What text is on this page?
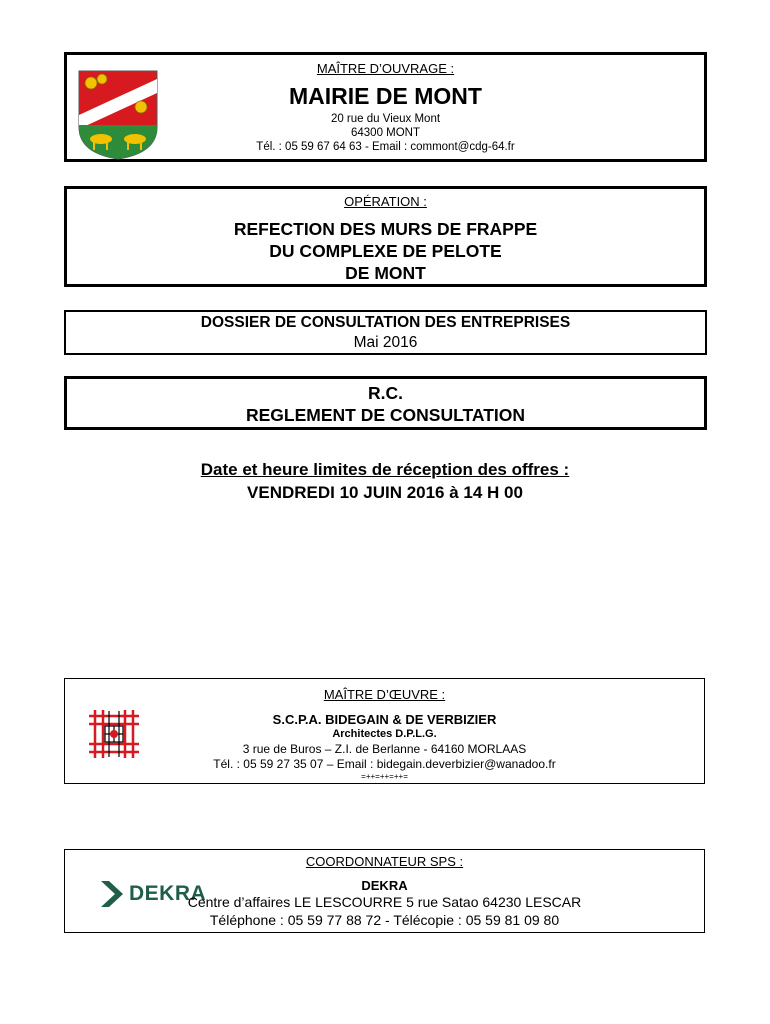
MAÎTRE D’OUVRAGE :
MAIRIE DE MONT
20 rue du Vieux Mont
64300 MONT
Tél. : 05 59 67 64 63 - Email : commont@cdg-64.fr
OPÉRATION :
REFECTION DES MURS DE FRAPPE
DU COMPLEXE DE PELOTE
DE MONT
DOSSIER DE CONSULTATION DES ENTREPRISES
Mai 2016
R.C.
REGLEMENT DE CONSULTATION
Date et heure limites de réception des offres :
VENDREDI 10 JUIN 2016 à 14 H 00
MAÎTRE D’ŒUVRE :
S.C.P.A. BIDEGAIN & DE VERBIZIER
Architectes D.P.L.G.
3 rue de Buros – Z.I. de Berlanne - 64160 MORLAAS
Tél. : 05 59 27 35 07 – Email : bidegain.deverbizier@wanadoo.fr
=++=++=++=
DEKRA
COORDONNATEUR SPS :
DEKRA
Centre d’affaires LE LESCOURRE 5 rue Satao 64230 LESCAR
Téléphone : 05 59 77 88 72 - Télécopie : 05 59 81 09 80
